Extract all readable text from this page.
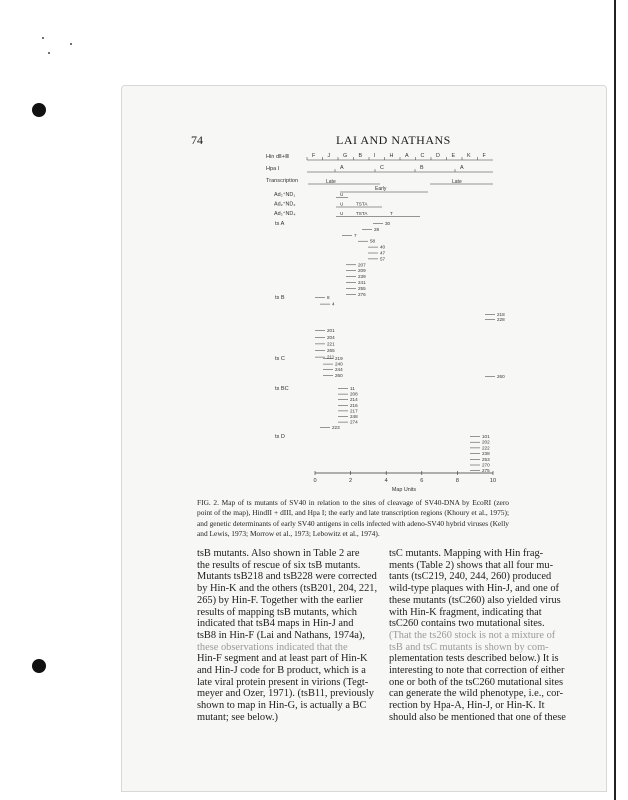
74	LAI AND NATHANS
Hin dⅡ+Ⅲ	F J G B I	H A C D E K F
Hpa I	A	C	B	A
Transcription	Late
Early
Late
Ad₂⁺ND₁	U
Ad₂⁺ND₂	U	TSTA
Ad₂⁺ND₄	U	TSTA	T
ts A	30
28
7
58
40
47
57
207
209
239
241
255
276
ts B	8
4
201
204
221
265
211
218
228
ts C	219
240
244
260	260
ts BC	11
208
214
216
217
248
274
223
ts D	101
202
222
238
253
270
275
0	2	4	6	8	10
Map Units
FIG. 2. Map of ts mutants of SV40 in relation to the sites of cleavage of SV40-DNA by EcoRI (zero point of the map), HindII + dIII, and Hpa I; the early and late transcription regions (Khoury et al., 1975); and genetic determinants of early SV40 antigens in cells infected with adeno-SV40 hybrid viruses (Kelly and Lewis, 1973; Morrow et al., 1973; Lebowitz et al., 1974).
tsB mutants. Also shown in Table 2 are
the results of rescue of six tsB mutants.
Mutants tsB218 and tsB228 were corrected
by Hin-K and the others (tsB201, 204, 221,
265) by Hin-F. Together with the earlier
results of mapping tsB mutants, which
indicated that tsB4 maps in Hin-J and
tsB8 in Hin-F (Lai and Nathans, 1974a),
these observations indicated that the
Hin-F segment and at least part of Hin-K
and Hin-J code for B product, which is a
late viral protein present in virions (Tegt-
meyer and Ozer, 1971). (tsB11, previously
shown to map in Hin-G, is actually a BC
mutant; see below.)
tsC mutants. Mapping with Hin frag-
ments (Table 2) shows that all four mu-
tants (tsC219, 240, 244, 260) produced
wild-type plaques with Hin-J, and one of
these mutants (tsC260) also yielded virus
with Hin-K fragment, indicating that
tsC260 contains two mutational sites.
(That the ts260 stock is not a mixture of
tsB and tsC mutants is shown by com-
plementation tests described below.) It is
interesting to note that correction of either
one or both of the tsC260 mutational sites
can generate the wild phenotype, i.e., cor-
rection by Hpa-A, Hin-J, or Hin-K. It
should also be mentioned that one of these
